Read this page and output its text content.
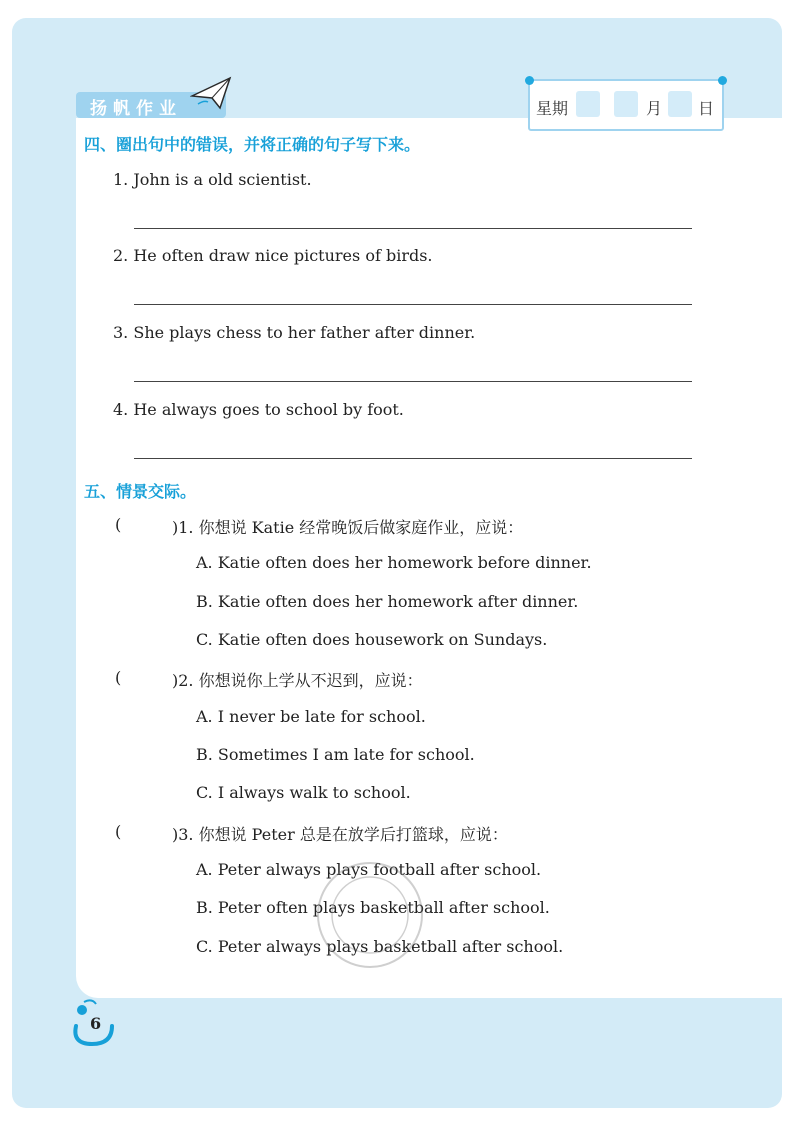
扬帆作业	星期	月 日
四、圈出句中的错误，并将正确的句子写下来。
1. John is a old scientist.
2. He often draw nice pictures of birds.
3. She plays chess to her father after dinner.
4. He always goes to school by foot.
五、情景交际。
(	)1. 你想说 Katie 经常晚饭后做家庭作业，应说：
A. Katie often does her homework before dinner.
B. Katie often does her homework after dinner.
C. Katie often does housework on Sundays.
(	)2. 你想说你上学从不迟到，应说：
A. I never be late for school.
B. Sometimes I am late for school.
C. I always walk to school.
(	)3. 你想说 Peter 总是在放学后打篮球，应说：
A. Peter always plays football after school.
B. Peter often plays basketball after school.
C. Peter always plays basketball after school.
6
